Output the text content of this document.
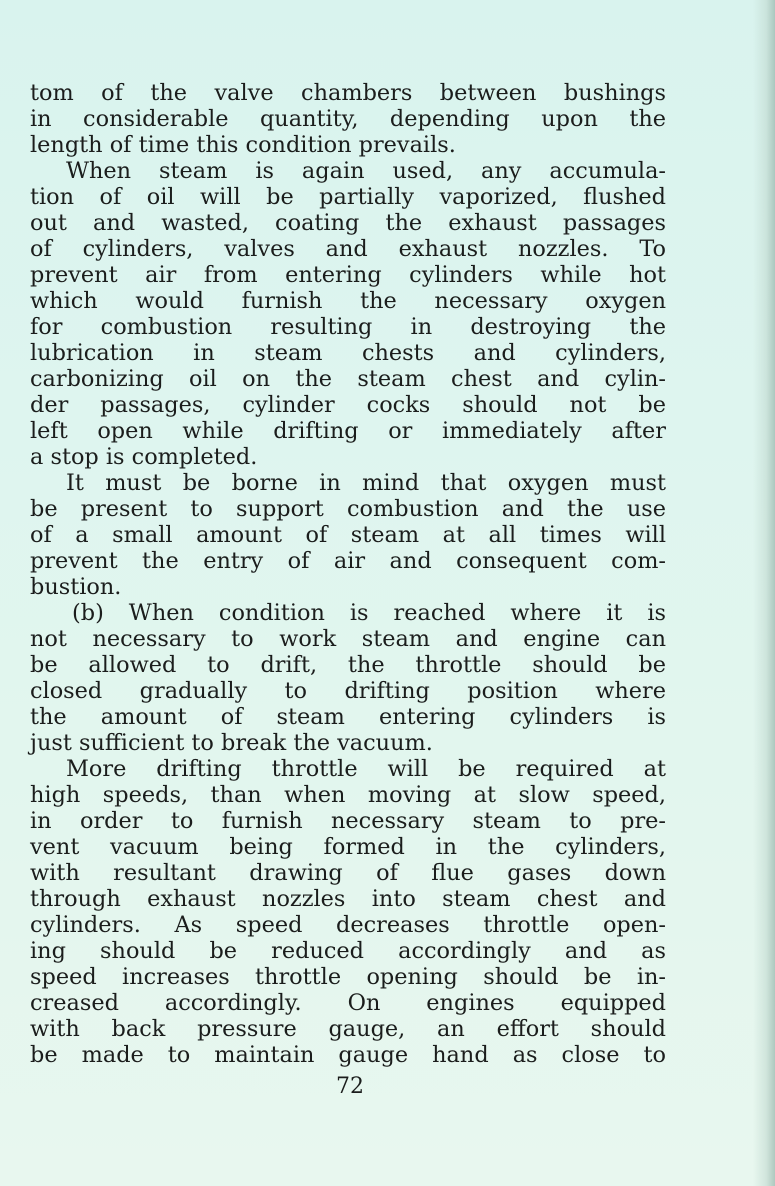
tom of the valve chambers between bushings
in considerable quantity, depending upon the
length of time this condition prevails.
When steam is again used, any accumula-
tion of oil will be partially vaporized, flushed
out and wasted, coating the exhaust passages
of cylinders, valves and exhaust nozzles. To
prevent air from entering cylinders while hot
which would furnish the necessary oxygen
for combustion resulting in destroying the
lubrication in steam chests and cylinders,
carbonizing oil on the steam chest and cylin-
der passages, cylinder cocks should not be
left open while drifting or immediately after
a stop is completed.
It must be borne in mind that oxygen must
be present to support combustion and the use
of a small amount of steam at all times will
prevent the entry of air and consequent com-
bustion.
(b) When condition is reached where it is
not necessary to work steam and engine can
be allowed to drift, the throttle should be
closed gradually to drifting position where
the amount of steam entering cylinders is
just sufficient to break the vacuum.
More drifting throttle will be required at
high speeds, than when moving at slow speed,
in order to furnish necessary steam to pre-
vent vacuum being formed in the cylinders,
with resultant drawing of flue gases down
through exhaust nozzles into steam chest and
cylinders. As speed decreases throttle open-
ing should be reduced accordingly and as
speed increases throttle opening should be in-
creased accordingly. On engines equipped
with back pressure gauge, an effort should
be made to maintain gauge hand as close to
72
